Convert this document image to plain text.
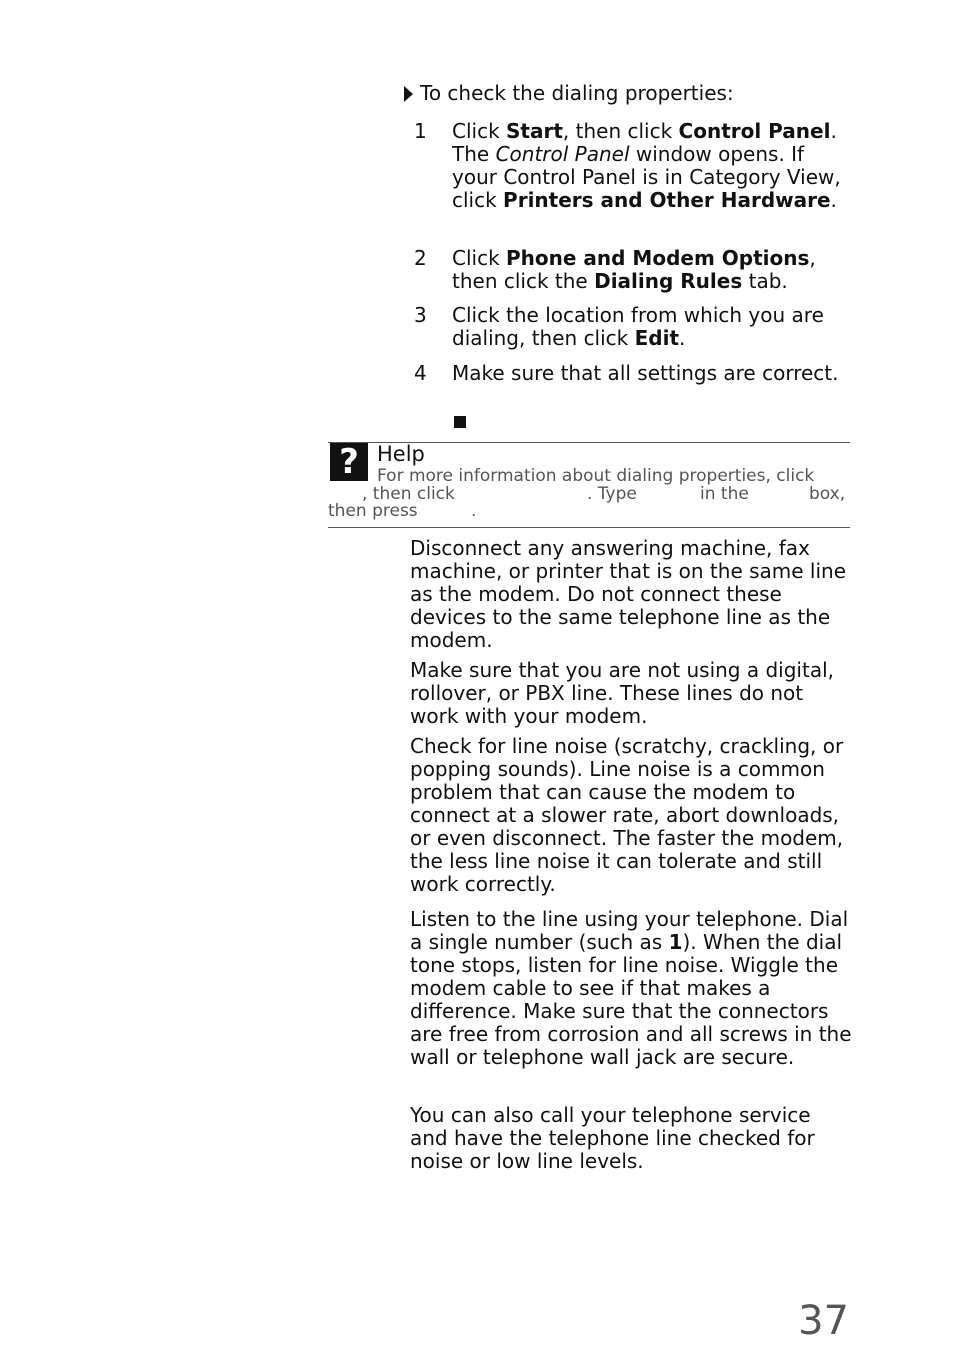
To check the dialing properties:
1 Click Start, then click Control Panel. The Control Panel window opens. If your Control Panel is in Category View, click Printers and Other Hardware.
2 Click Phone and Modem Options, then click the Dialing Rules tab.
3 Click the location from which you are dialing, then click Edit.
4 Make sure that all settings are correct.
? Help
For more information about dialing properties, click
, then click	. Type	in the	box,
then press	.
Disconnect any answering machine, fax machine, or printer that is on the same line as the modem. Do not connect these devices to the same telephone line as the modem.
Make sure that you are not using a digital, rollover, or PBX line. These lines do not work with your modem.
Check for line noise (scratchy, crackling, or popping sounds). Line noise is a common problem that can cause the modem to connect at a slower rate, abort downloads, or even disconnect. The faster the modem, the less line noise it can tolerate and still work correctly.
Listen to the line using your telephone. Dial a single number (such as 1). When the dial tone stops, listen for line noise. Wiggle the modem cable to see if that makes a difference. Make sure that the connectors are free from corrosion and all screws in the wall or telephone wall jack are secure.
You can also call your telephone service and have the telephone line checked for noise or low line levels.
37
